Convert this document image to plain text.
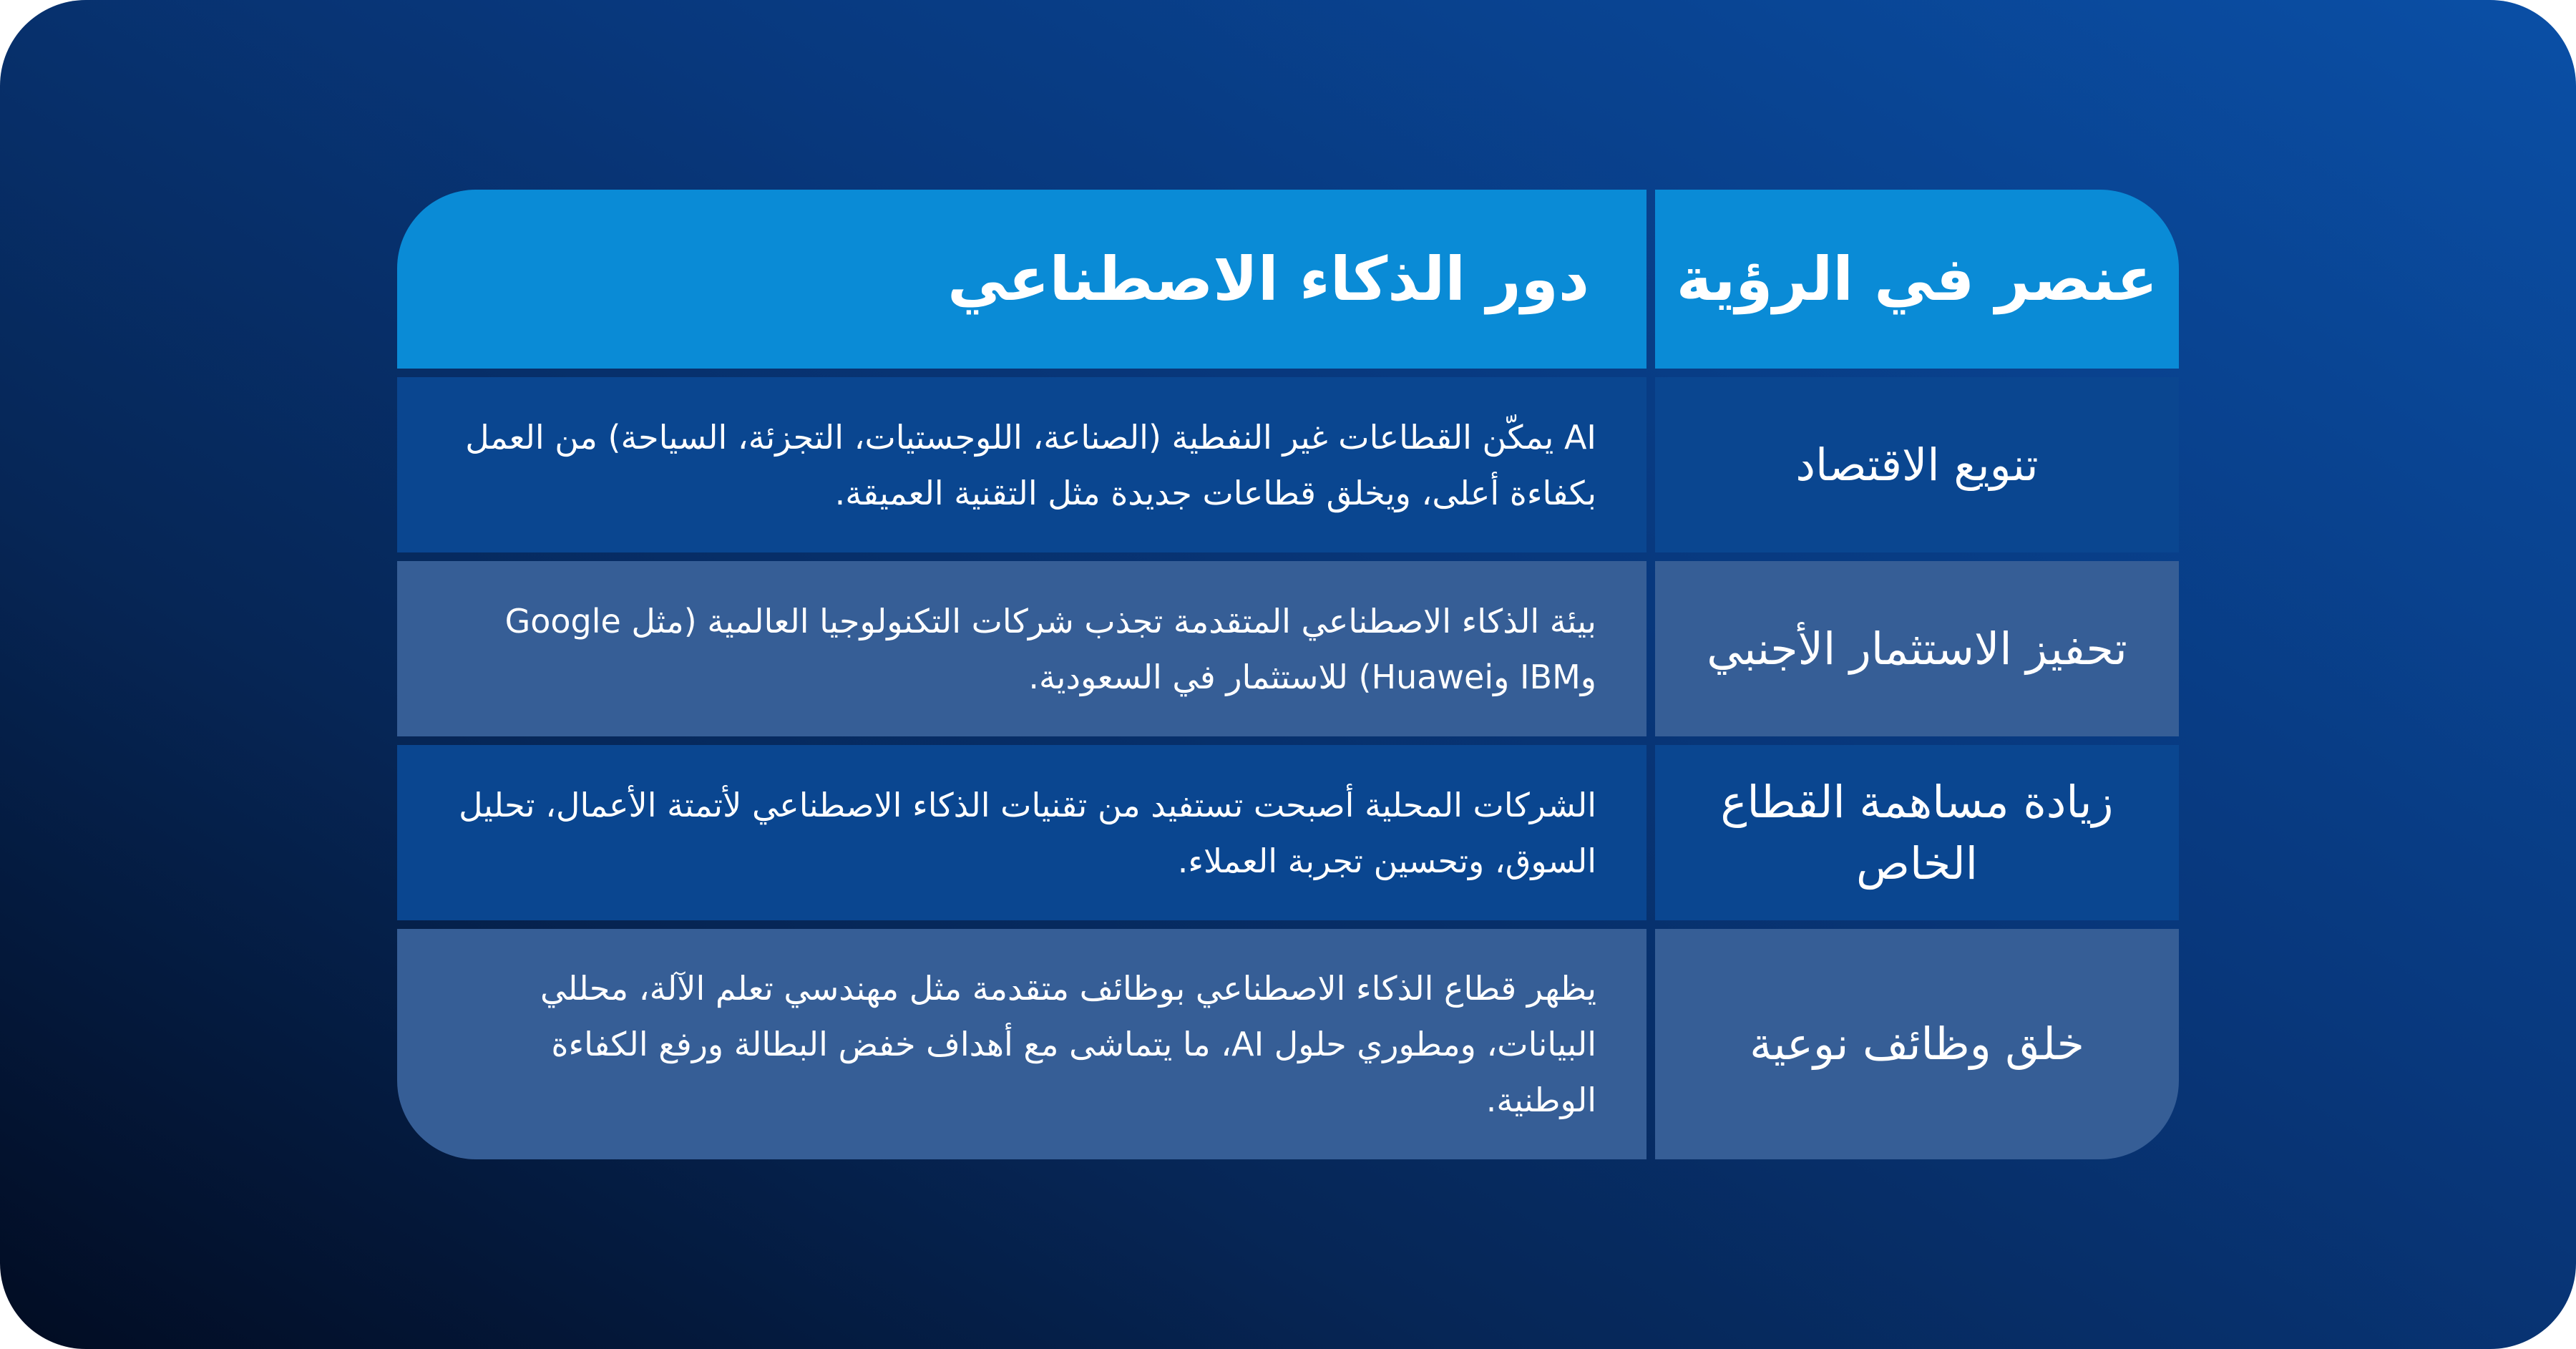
دور الذكاء الاصطناعي	عنصر في الرؤية
AI يمكّن القطاعات غير النفطية (الصناعة، اللوجستيات، التجزئة، السياحة) من العمل بكفاءة أعلى، ويخلق قطاعات جديدة مثل التقنية العميقة.
تنويع الاقتصاد
بيئة الذكاء الاصطناعي المتقدمة تجذب شركات التكنولوجيا العالمية (مثل Google وIBM وHuawei) للاستثمار في السعودية.
تحفيز الاستثمار الأجنبي
الشركات المحلية أصبحت تستفيد من تقنيات الذكاء الاصطناعي لأتمتة الأعمال، تحليل السوق، وتحسين تجربة العملاء.
زيادة مساهمة القطاع الخاص
يظهر قطاع الذكاء الاصطناعي بوظائف متقدمة مثل مهندسي تعلم الآلة، محللي البيانات، ومطوري حلول AI، ما يتماشى مع أهداف خفض البطالة ورفع الكفاءة الوطنية.
خلق وظائف نوعية
